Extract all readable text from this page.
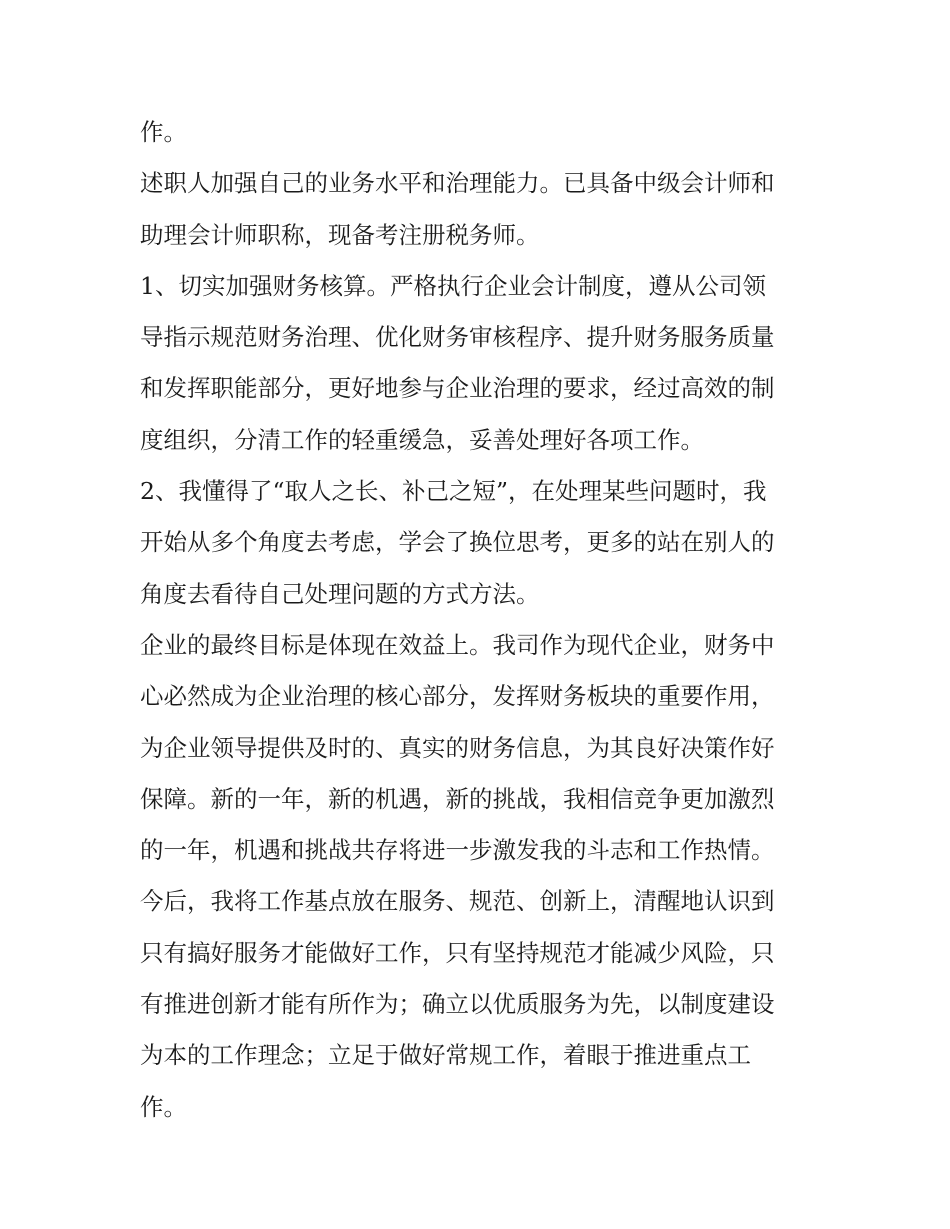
作。
述职人加强自己的业务水平和治理能力。已具备中级会计师和
助理会计师职称，现备考注册税务师。
1、切实加强财务核算。严格执行企业会计制度，遵从公司领
导指示规范财务治理、优化财务审核程序、提升财务服务质量
和发挥职能部分，更好地参与企业治理的要求，经过高效的制
度组织，分清工作的轻重缓急，妥善处理好各项工作。
2、我懂得了“取人之长、补己之短”，在处理某些问题时，我
开始从多个角度去考虑，学会了换位思考，更多的站在别人的
角度去看待自己处理问题的方式方法。
企业的最终目标是体现在效益上。我司作为现代企业，财务中
心必然成为企业治理的核心部分，发挥财务板块的重要作用，
为企业领导提供及时的、真实的财务信息，为其良好决策作好
保障。新的一年，新的机遇，新的挑战，我相信竞争更加激烈
的一年，机遇和挑战共存将进一步激发我的斗志和工作热情。
今后，我将工作基点放在服务、规范、创新上，清醒地认识到
只有搞好服务才能做好工作，只有坚持规范才能减少风险，只
有推进创新才能有所作为；确立以优质服务为先，以制度建设
为本的工作理念；立足于做好常规工作，着眼于推进重点工
作。
